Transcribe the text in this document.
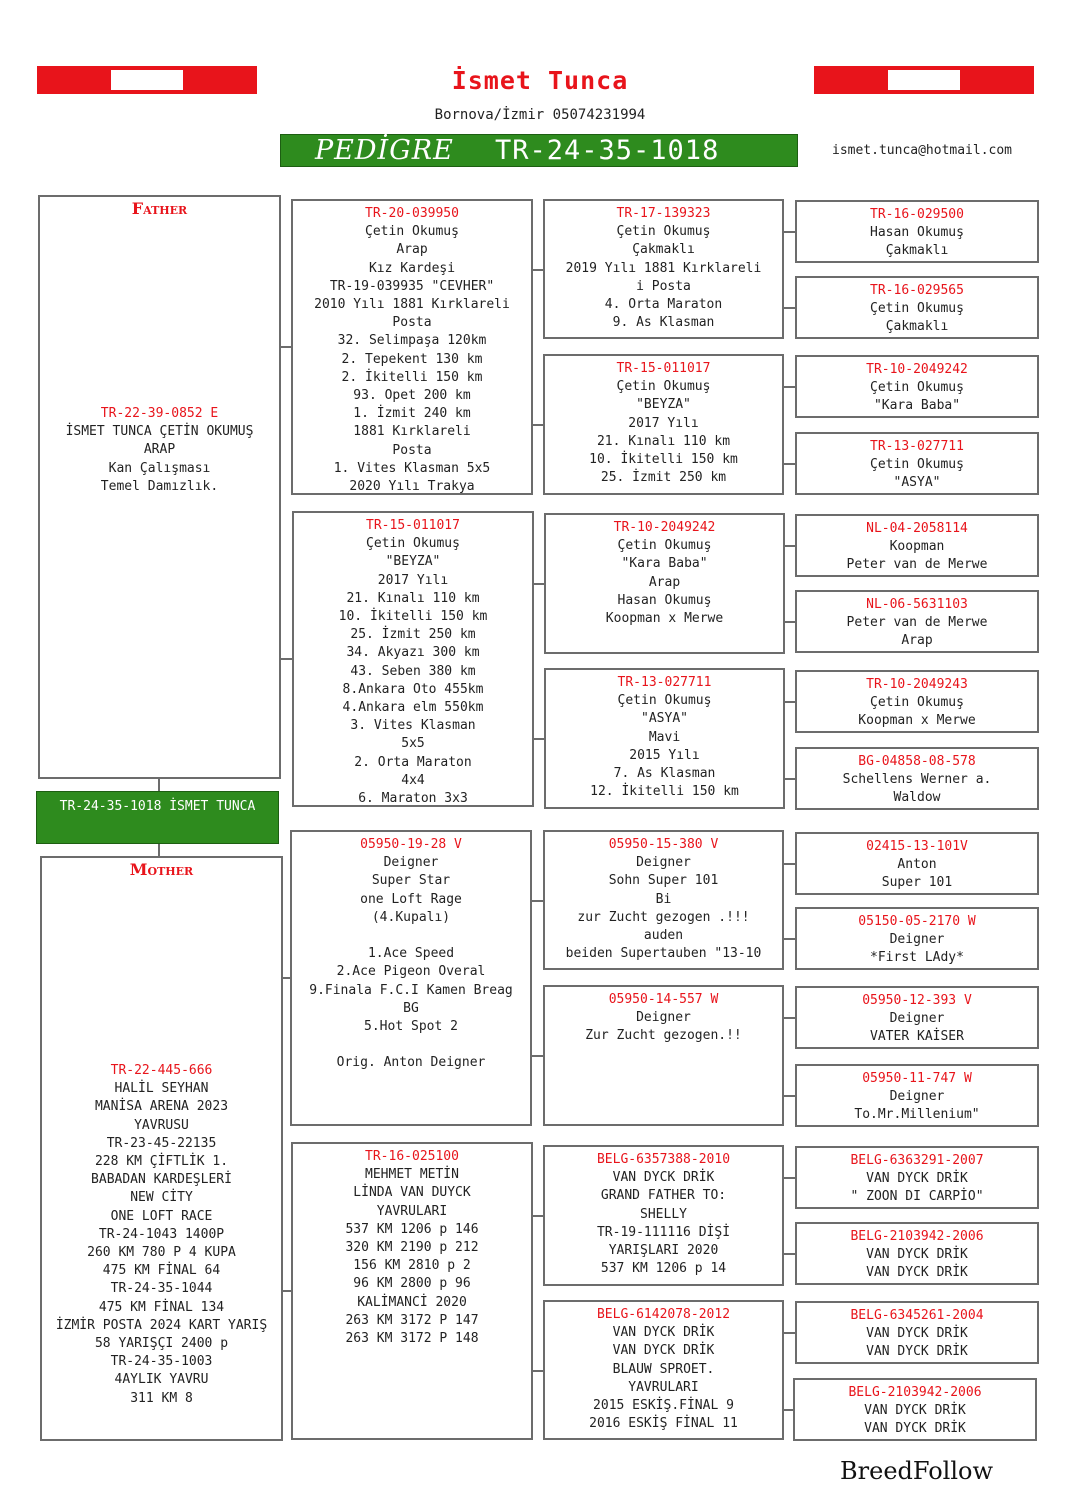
İsmet Tunca
Bornova/İzmir 05074231994
PEDİGRE	TR-24-35-1018	ismet.tunca@hotmail.com
TR-22-39-0852 E
İSMET TUNCA ÇETİN OKUMUŞ
ARAP
Kan Çalışması
Temel Damızlık.
Father
TR-24-35-1018 İSMET TUNCA
TR-22-445-666
HALİL SEYHAN
MANİSA ARENA 2023
YAVRUSU
TR-23-45-22135
228 KM ÇİFTLİK 1.
BABADAN KARDEŞLERİ
NEW CİTY
ONE LOFT RACE
TR-24-1043 1400P
260 KM 780 P 4 KUPA
475 KM FİNAL 64
TR-24-35-1044
475 KM FİNAL 134
İZMİR POSTA 2024 KART YARIŞ
58 YARIŞÇI 2400 p
TR-24-35-1003
4AYLIK YAVRU
311 KM 8
Mother
TR-20-039950
Çetin Okumuş
Arap
Kız Kardeşi
TR-19-039935 "CEVHER"
2010 Yılı 1881 Kırklareli
Posta
32. Selimpaşa 120km
2. Tepekent 130 km
2. İkitelli 150 km
93. Opet 200 km
1. İzmit 240 km
1881 Kırklareli
Posta
1. Vites Klasman 5x5
2020 Yılı Trakya
TR-15-011017
Çetin Okumuş
"BEYZA"
2017 Yılı
21. Kınalı 110 km
10. İkitelli 150 km
25. İzmit 250 km
34. Akyazı 300 km
43. Seben 380 km
8.Ankara Oto 455km
4.Ankara elm 550km
3. Vites Klasman
5x5
2. Orta Maraton
4x4
6. Maraton 3x3
05950-19-28 V
Deigner
Super Star
one Loft Rage
(4.Kupalı)

1.Ace Speed
2.Ace Pigeon Overal
9.Finala F.C.I Kamen Breag
BG
5.Hot Spot 2

Orig. Anton Deigner
TR-16-025100
MEHMET METİN
LİNDA VAN DUYCK
YAVRULARI
537 KM 1206 p 146
320 KM 2190 p 212
156 KM 2810 p 2
96 KM 2800 p 96
KALİMANCİ 2020
263 KM 3172 P 147
263 KM 3172 P 148
TR-17-139323
Çetin Okumuş
Çakmaklı
2019 Yılı 1881 Kırklareli
i Posta
4. Orta Maraton
9. As Klasman
TR-15-011017
Çetin Okumuş
"BEYZA"
2017 Yılı
21. Kınalı 110 km
10. İkitelli 150 km
25. İzmit 250 km
TR-10-2049242
Çetin Okumuş
"Kara Baba"
Arap
Hasan Okumuş
Koopman x Merwe
TR-13-027711
Çetin Okumuş
"ASYA"
Mavi
2015 Yılı
7. As Klasman
12. İkitelli 150 km
05950-15-380 V
Deigner
Sohn Super 101
Bi
zur Zucht gezogen .!!!
auden
beiden Supertauben "13-10
05950-14-557 W
Deigner
Zur Zucht gezogen.!!
BELG-6357388-2010
VAN DYCK DRİK
GRAND FATHER TO:
SHELLY
TR-19-111116 DİŞİ
YARIŞLARI 2020
537 KM 1206 p 14
BELG-6142078-2012
VAN DYCK DRİK
VAN DYCK DRİK
BLAUW SPROET.
YAVRULARI
2015 ESKİŞ.FİNAL 9
2016 ESKİŞ FİNAL 11
TR-16-029500
Hasan Okumuş
Çakmaklı
TR-16-029565
Çetin Okumuş
Çakmaklı
TR-10-2049242
Çetin Okumuş
"Kara Baba"
TR-13-027711
Çetin Okumuş
"ASYA"
NL-04-2058114
Koopman
Peter van de Merwe
NL-06-5631103
Peter van de Merwe
Arap
TR-10-2049243
Çetin Okumuş
Koopman x Merwe
BG-04858-08-578
Schellens Werner a.
Waldow
02415-13-101V
Anton
Super 101
05150-05-2170 W
Deigner
*First LAdy*
05950-12-393 V
Deigner
VATER KAİSER
05950-11-747 W
Deigner
To.Mr.Millenium"
BELG-6363291-2007
VAN DYCK DRİK
" ZOON DI CARPİO"
BELG-2103942-2006
VAN DYCK DRİK
VAN DYCK DRİK
BELG-6345261-2004
VAN DYCK DRİK
VAN DYCK DRİK
BELG-2103942-2006
VAN DYCK DRİK
VAN DYCK DRİK
BreedFollow
